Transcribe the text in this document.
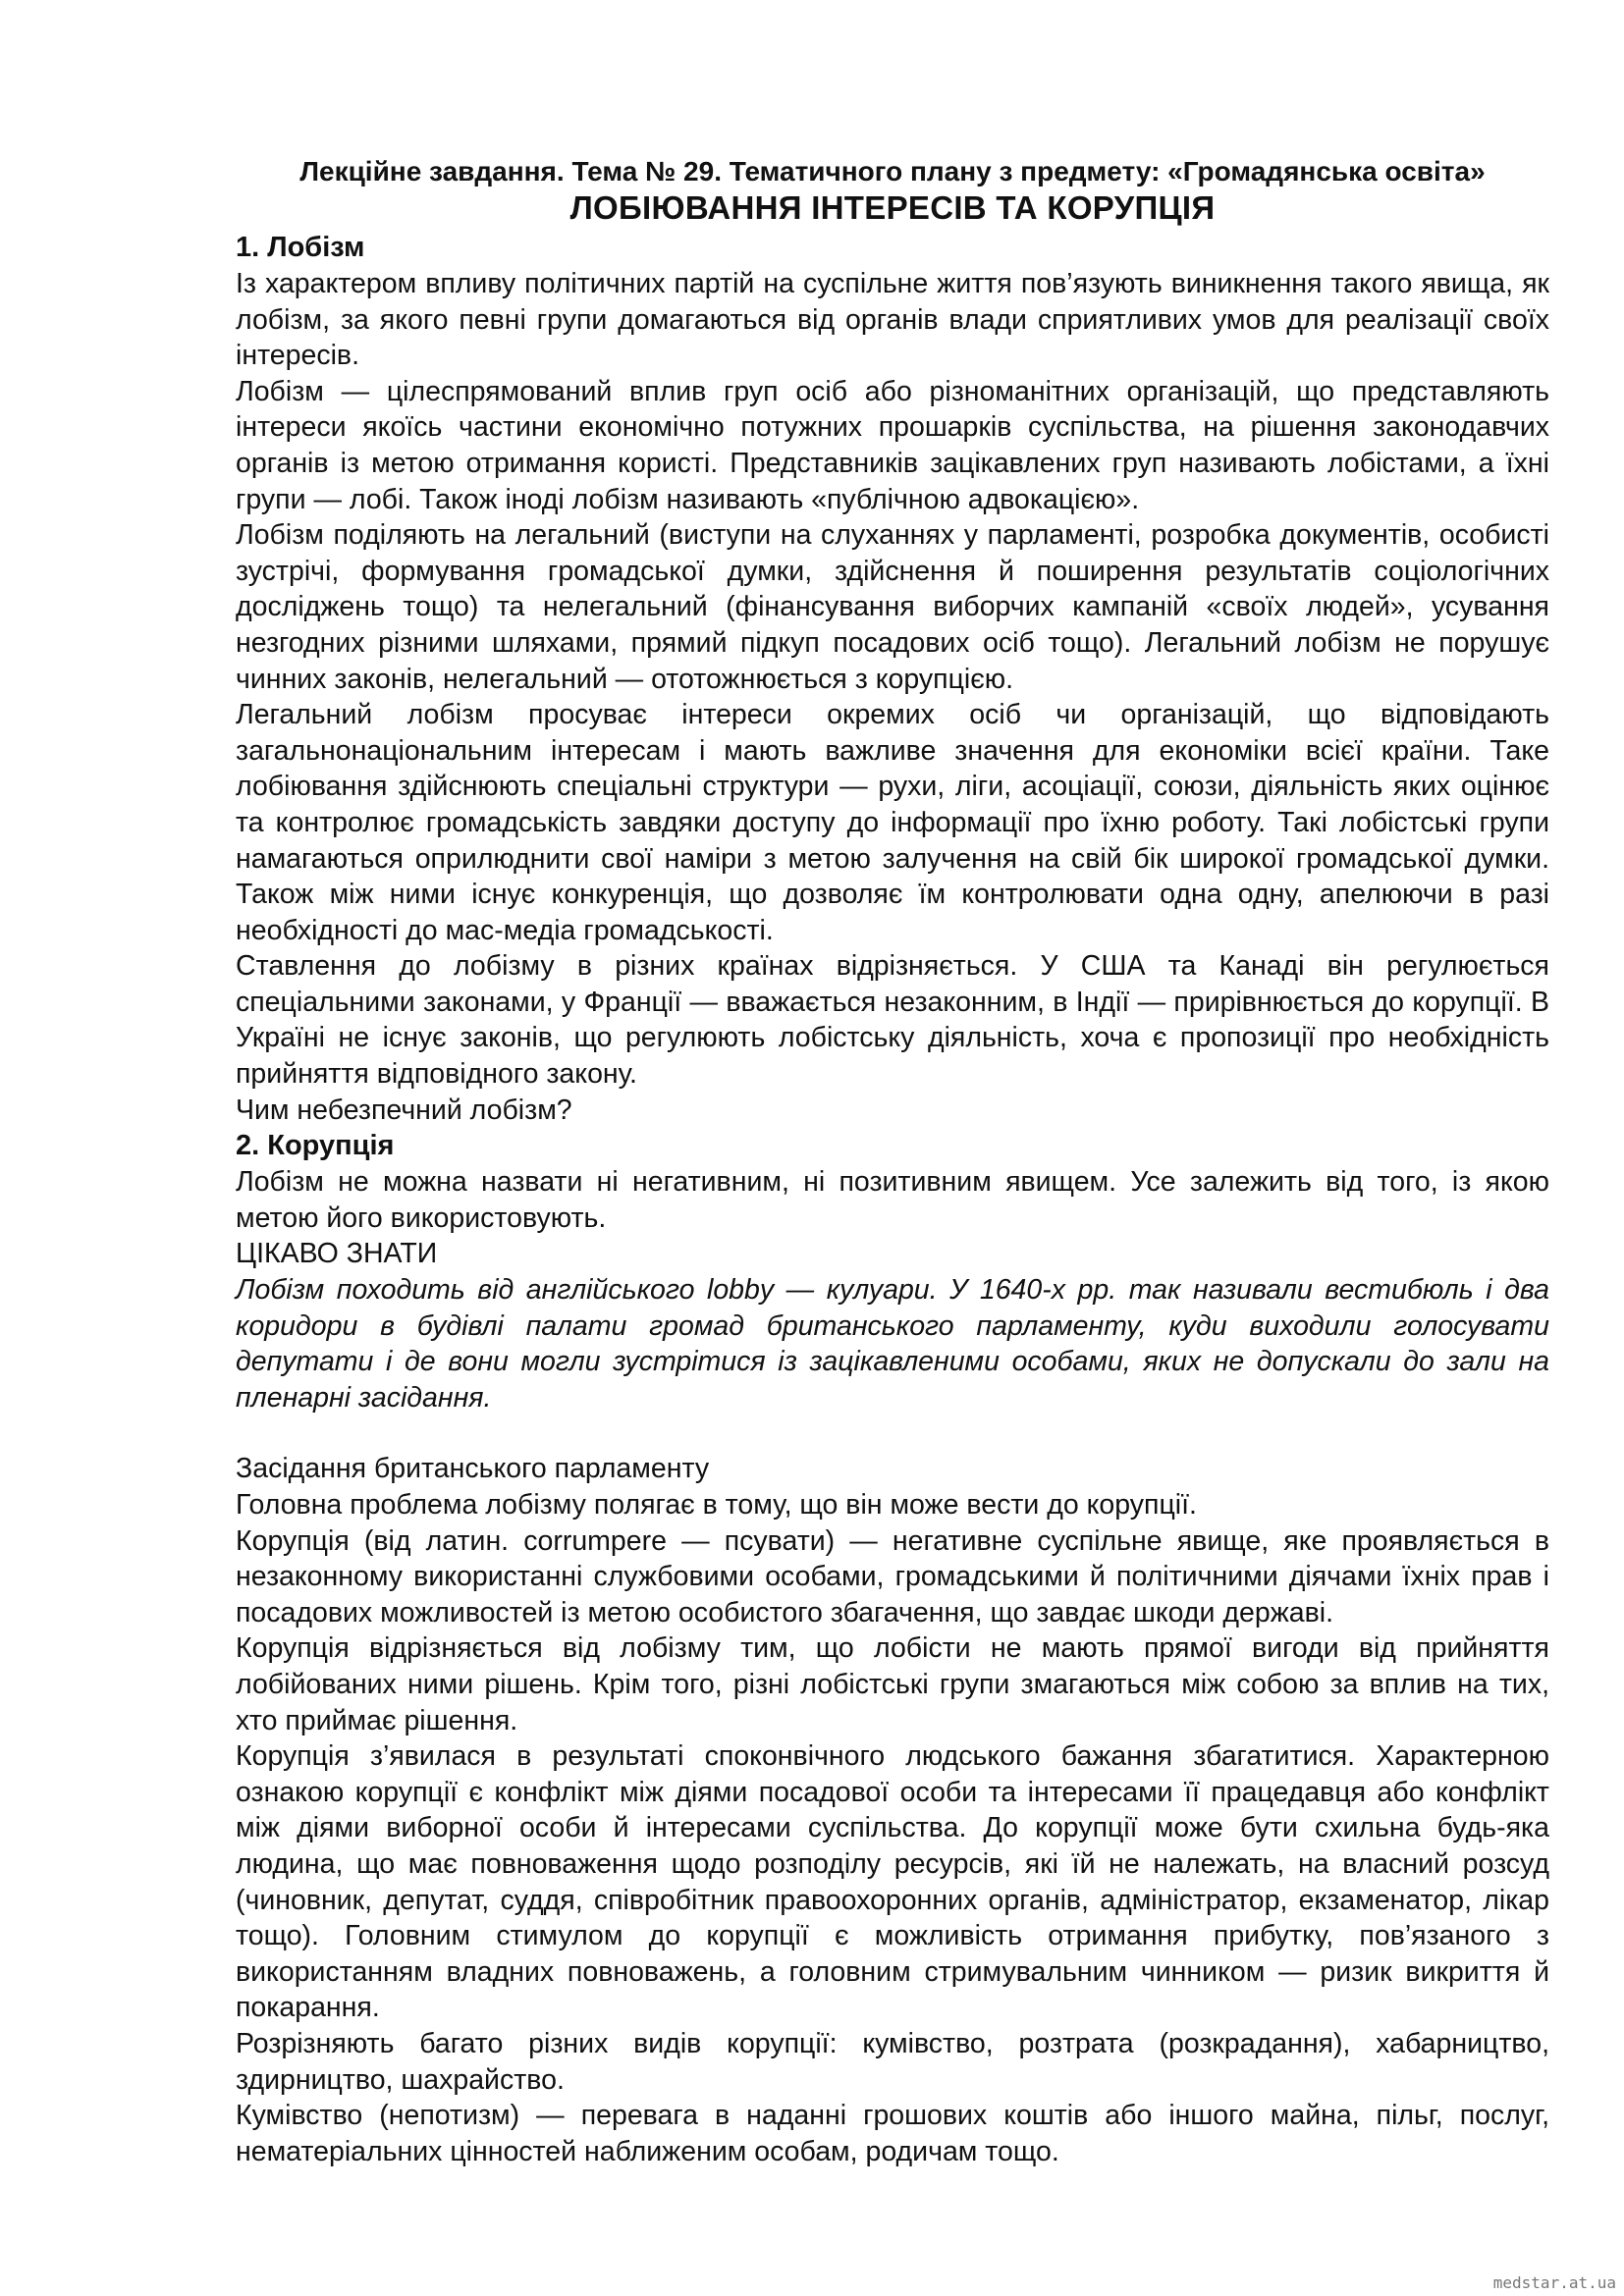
Лекційне завдання. Тема № 29. Тематичного плану з предмету: «Громадянська освіта»

ЛОБІЮВАННЯ ІНТЕРЕСІВ ТА КОРУПЦІЯ
1. Лобізм

Із характером впливу політичних партій на суспільне життя пов’язують виникнення такого явища, як лобізм, за якого певні групи домагаються від органів влади сприятливих умов для реалізації своїх інтересів.

Лобізм — цілеспрямований вплив груп осіб або різноманітних організацій, що представляють інтереси якоїсь частини економічно потужних прошарків суспільства, на рішення законодавчих органів із метою отримання користі. Представників зацікавлених груп називають лобістами, а їхні групи — лобі. Також іноді лобізм називають «публічною адвокацією».

Лобізм поділяють на легальний (виступи на слуханнях у парламенті, розробка документів, особисті зустрічі, формування громадської думки, здійснення й поширення результатів соціологічних досліджень тощо) та нелегальний (фінансування виборчих кампаній «своїх людей», усування незгодних різними шляхами, прямий підкуп посадових осіб тощо). Легальний лобізм не порушує чинних законів, нелегальний — ототожнюється з корупцією.

Легальний лобізм просуває інтереси окремих осіб чи організацій, що відповідають загальнонаціональним інтересам і мають важливе значення для економіки всієї країни. Таке лобіювання здійснюють спеціальні структури — рухи, ліги, асоціації, союзи, діяльність яких оцінює та контролює громадськість завдяки доступу до інформації про їхню роботу. Такі лобістські групи намагаються оприлюднити свої наміри з метою залучення на свій бік широкої громадської думки. Також між ними існує конкуренція, що дозволяє їм контролювати одна одну, апелюючи в разі необхідності до мас-медіа громадськості.

Ставлення до лобізму в різних країнах відрізняється. У США та Канаді він регулюється спеціальними законами, у Франції — вважається незаконним, в Індії — прирівнюється до корупції. В Україні не існує законів, що регулюють лобістську діяльність, хоча є пропозиції про необхідність прийняття відповідного закону.

Чим небезпечний лобізм?

2. Корупція

Лобізм не можна назвати ні негативним, ні позитивним явищем. Усе залежить від того, із якою метою його використовують.

ЦІКАВО ЗНАТИ

Лобізм походить від англійського lobby — кулуари. У 1640-х рр. так називали вестибюль і два коридори в будівлі палати громад британського парламенту, куди виходили голосувати депутати і де вони могли зустрітися із зацікавленими особами, яких не допускали до зали на пленарні засідання.

Засідання британського парламенту

Головна проблема лобізму полягає в тому, що він може вести до корупції.

Корупція (від латин. corrumpere — псувати) — негативне суспільне явище, яке проявляється в незаконному використанні службовими особами, громадськими й політичними діячами їхніх прав і посадових можливостей із метою особистого збагачення, що завдає шкоди державі.

Корупція відрізняється від лобізму тим, що лобісти не мають прямої вигоди від прийняття лобійованих ними рішень. Крім того, різні лобістські групи змагаються між собою за вплив на тих, хто приймає рішення.

Корупція з’явилася в результаті споконвічного людського бажання збагатитися. Характерною ознакою корупції є конфлікт між діями посадової особи та інтересами її працедавця або конфлікт між діями виборної особи й інтересами суспільства. До корупції може бути схильна будь-яка людина, що має повноваження щодо розподілу ресурсів, які їй не належать, на власний розсуд (чиновник, депутат, суддя, співробітник правоохоронних органів, адміністратор, екзаменатор, лікар тощо). Головним стимулом до корупції є можливість отримання прибутку, пов’язаного з використанням владних повноважень, а головним стримувальним чинником — ризик викриття й покарання.

Розрізняють багато різних видів корупції: кумівство, розтрата (розкрадання), хабарництво, здирництво, шахрайство.

Кумівство (непотизм) — перевага в наданні грошових коштів або іншого майна, пільг, послуг, нематеріальних цінностей наближеним особам, родичам тощо.

medstar.at.ua
